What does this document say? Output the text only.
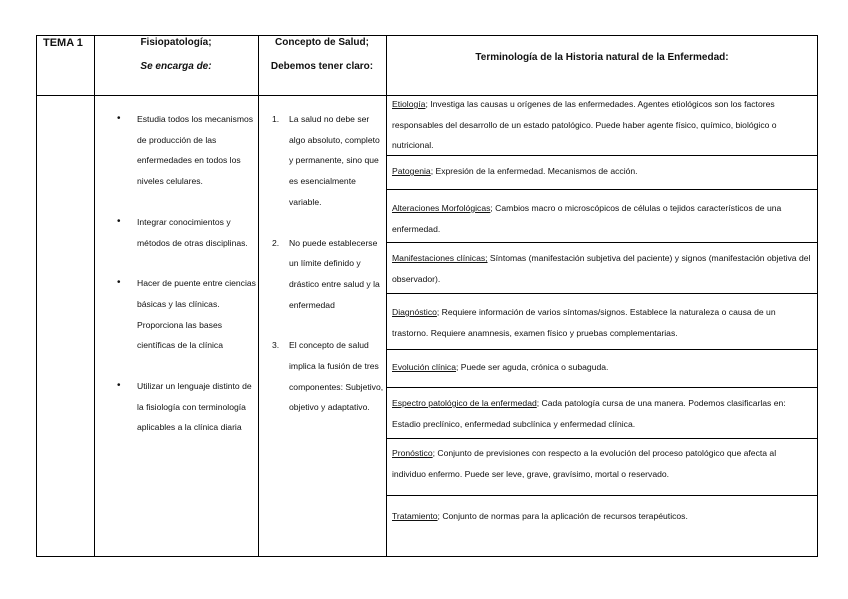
TEMA 1	Fisiopatología;
Se encarga de:
Concepto de Salud;
Debemos tener claro:
Terminología de la Historia natural de la Enfermedad:
• Estudia todos los mecanismos de producción de las enfermedades en todos los niveles celulares.
• Integrar conocimientos y métodos de otras disciplinas.
• Hacer de puente entre ciencias básicas y las clínicas. Proporciona las bases científicas de la clínica
• Utilizar un lenguaje distinto de la fisiología con terminología aplicables a la clínica diaria
1. La salud no debe ser algo absoluto, completo y permanente, sino que es esencialmente variable.
2. No puede establecerse un límite definido y drástico entre salud y la enfermedad
3. El concepto de salud implica la fusión de tres componentes: Subjetivo, objetivo y adaptativo.
Etiología; Investiga las causas u orígenes de las enfermedades. Agentes etiológicos son los factores responsables del desarrollo de un estado patológico. Puede haber agente físico, químico, biológico o nutricional.
Patogenia; Expresión de la enfermedad. Mecanismos de acción.
Alteraciones Morfológicas; Cambios macro o microscópicos de células o tejidos característicos de una enfermedad.
Manifestaciones clínicas; Síntomas (manifestación subjetiva del paciente) y signos (manifestación objetiva del observador).
Diagnóstico; Requiere información de varios síntomas/signos. Establece la naturaleza o causa de un trastorno. Requiere anamnesis, examen físico y pruebas complementarias.
Evolución clínica; Puede ser aguda, crónica o subaguda.
Espectro patológico de la enfermedad; Cada patología cursa de una manera. Podemos clasificarlas en: Estadio preclínico, enfermedad subclínica y enfermedad clínica.
Pronóstico; Conjunto de previsiones con respecto a la evolución del proceso patológico que afecta al individuo enfermo. Puede ser leve, grave, gravísimo, mortal o reservado.
Tratamiento; Conjunto de normas para la aplicación de recursos terapéuticos.
